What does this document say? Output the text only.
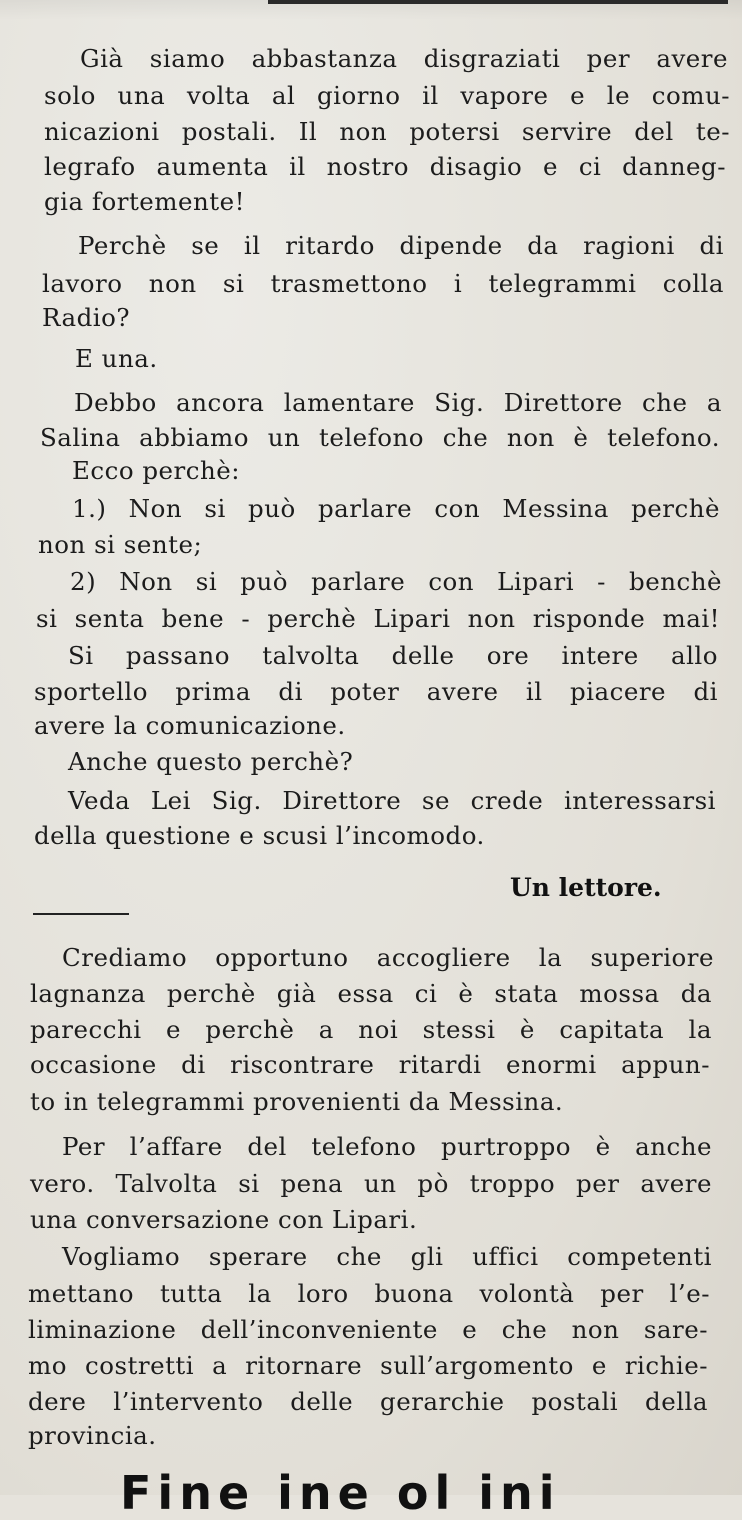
Già siamo abbastanza disgraziati per avere
solo una volta al giorno il vapore e le comu-
nicazioni postali. Il non potersi servire del te-
legrafo aumenta il nostro disagio e ci danneg-
gia fortemente!
Perchè se il ritardo dipende da ragioni di
lavoro non si trasmettono i telegrammi colla
Radio?
E una.
Debbo ancora lamentare Sig. Direttore che a
Salina abbiamo un telefono che non è telefono.
Ecco perchè:
1.) Non si può parlare con Messina perchè
non si sente;
2) Non si può parlare con Lipari - benchè
si senta bene - perchè Lipari non risponde mai!
Si passano talvolta delle ore intere allo
sportello prima di poter avere il piacere di
avere la comunicazione.
Anche questo perchè?
Veda Lei Sig. Direttore se crede interessarsi
della questione e scusi l’incomodo.
Un lettore.
Crediamo opportuno accogliere la superiore
lagnanza perchè già essa ci è stata mossa da
parecchi e perchè a noi stessi è capitata la
occasione di riscontrare ritardi enormi appun-
to in telegrammi provenienti da Messina.
Per l’affare del telefono purtroppo è anche
vero. Talvolta si pena un pò troppo per avere
una conversazione con Lipari.
Vogliamo sperare che gli uffici competenti
mettano tutta la loro buona volontà per l’e-
liminazione dell’inconveniente e che non sare-
mo costretti a ritornare sull’argomento e richie-
dere l’intervento delle gerarchie postali della
provincia.
Fine ine ol ini
